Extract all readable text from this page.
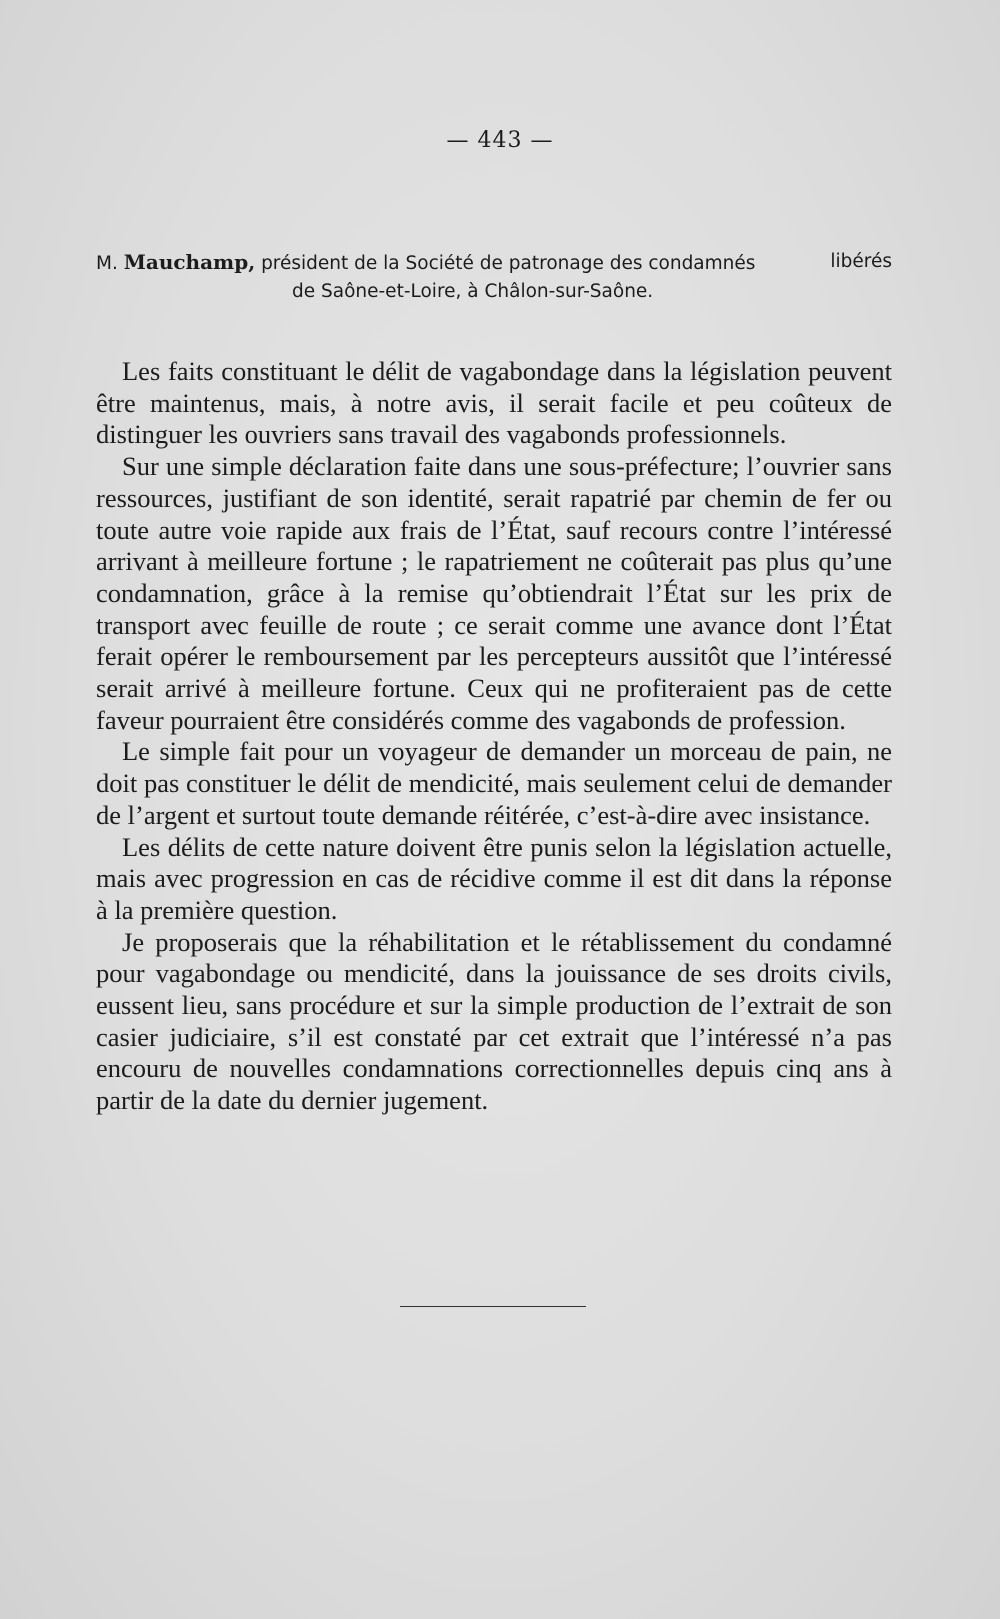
— 443 —
M. Mauchamp, président de la Société de patronage des condamnés	libérés
de Saône-et-Loire, à Châlon-sur-Saône.

Les faits constituant le délit de vagabondage dans la législation peuvent être maintenus, mais, à notre avis, il serait facile et peu coûteux de distinguer les ouvriers sans travail des vagabonds professionnels.

Sur une simple déclaration faite dans une sous-préfecture; l’ouvrier sans ressources, justifiant de son identité, serait rapatrié par chemin de fer ou toute autre voie rapide aux frais de l’État, sauf recours contre l’intéressé arrivant à meilleure fortune ; le rapatriement ne coûterait pas plus qu’une condamnation, grâce à la remise qu’obtiendrait l’État sur les prix de transport avec feuille de route ; ce serait comme une avance dont l’État ferait opérer le remboursement par les percepteurs aussitôt que l’intéressé serait arrivé à meilleure fortune. Ceux qui ne profiteraient pas de cette faveur pourraient être considérés comme des vagabonds de profession.

Le simple fait pour un voyageur de demander un morceau de pain, ne doit pas constituer le délit de mendicité, mais seulement celui de demander de l’argent et surtout toute demande réitérée, c’est-à-dire avec insistance.

Les délits de cette nature doivent être punis selon la législation actuelle, mais avec progression en cas de récidive comme il est dit dans la réponse à la première question.

Je proposerais que la réhabilitation et le rétablissement du condamné pour vagabondage ou mendicité, dans la jouissance de ses droits civils, eussent lieu, sans procédure et sur la simple production de l’extrait de son casier judiciaire, s’il est constaté par cet extrait que l’intéressé n’a pas encouru de nouvelles condamnations correctionnelles depuis cinq ans à partir de la date du dernier jugement.
